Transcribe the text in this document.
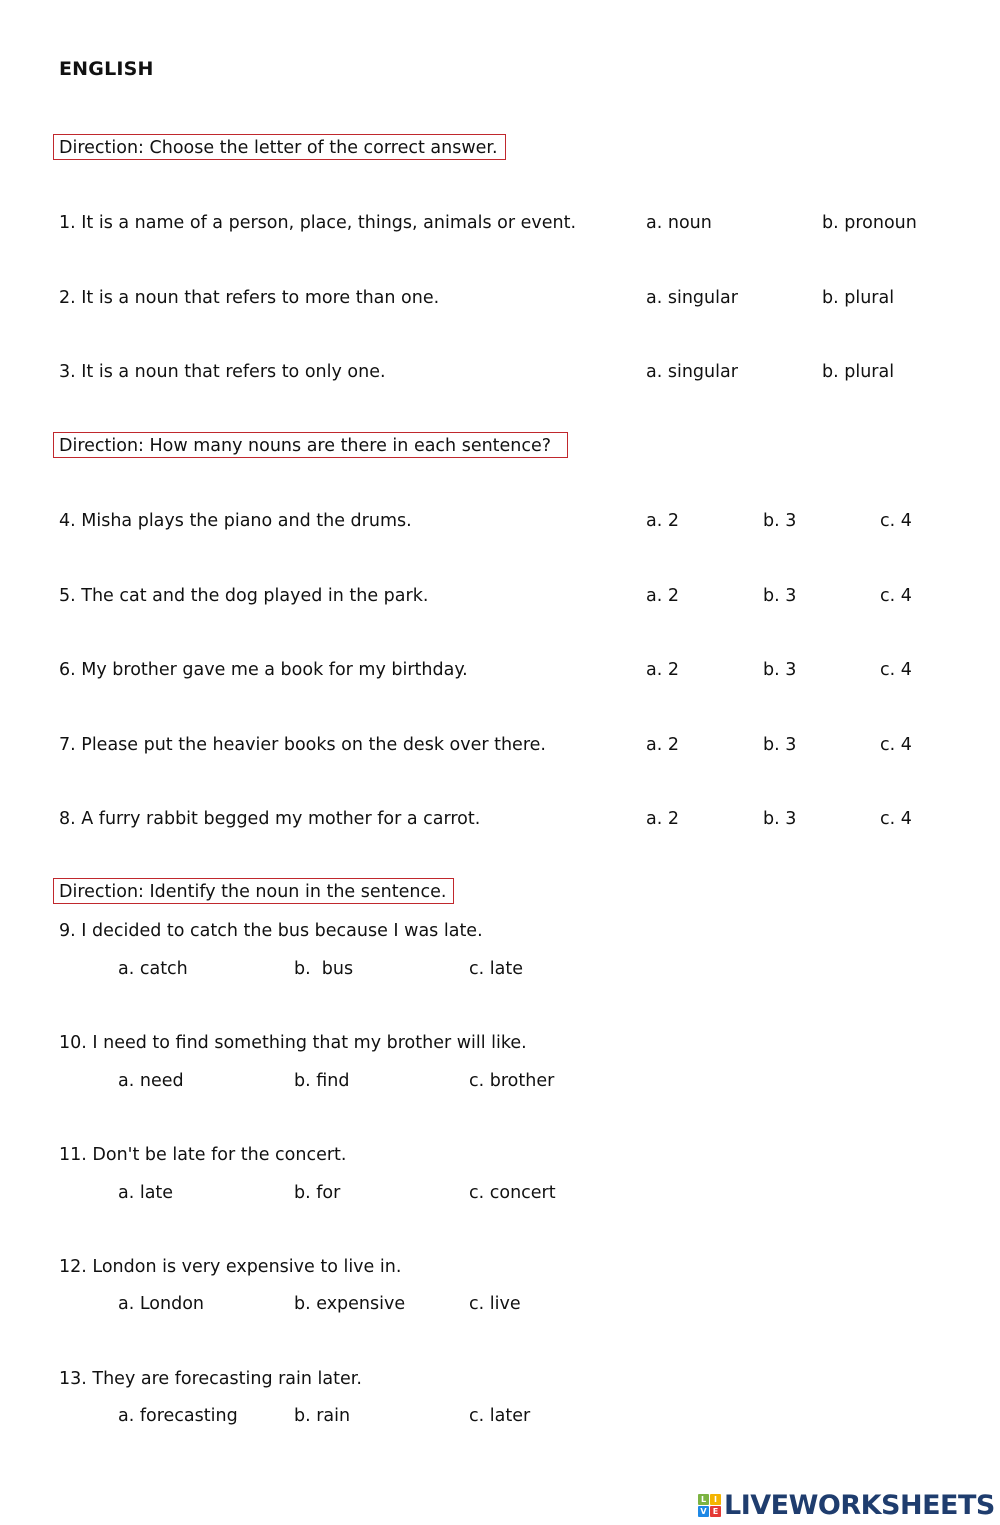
ENGLISH
Direction: Choose the letter of the correct answer.
1. It is a name of a person, place, things, animals or event.	a. noun	b. pronoun
2. It is a noun that refers to more than one.	a. singular	b. plural
3. It is a noun that refers to only one.	a. singular	b. plural
Direction: How many nouns are there in each sentence?
4. Misha plays the piano and the drums.	a. 2	b. 3	c. 4
5. The cat and the dog played in the park.	a. 2	b. 3	c. 4
6. My brother gave me a book for my birthday.	a. 2	b. 3	c. 4
7. Please put the heavier books on the desk over there.	a. 2	b. 3	c. 4
8. A furry rabbit begged my mother for a carrot.	a. 2	b. 3	c. 4
Direction: Identify the noun in the sentence.
9. I decided to catch the bus because I was late.
a. catch	b.  bus	c. late
10. I need to find something that my brother will like.
a. need	b. find	c. brother
11. Don't be late for the concert.
a. late	b. for	c. concert
12. London is very expensive to live in.
a. London	b. expensive	c. live
13. They are forecasting rain later.
a. forecasting	b. rain	c. later
L I
V E LIVEWORKSHEETS
